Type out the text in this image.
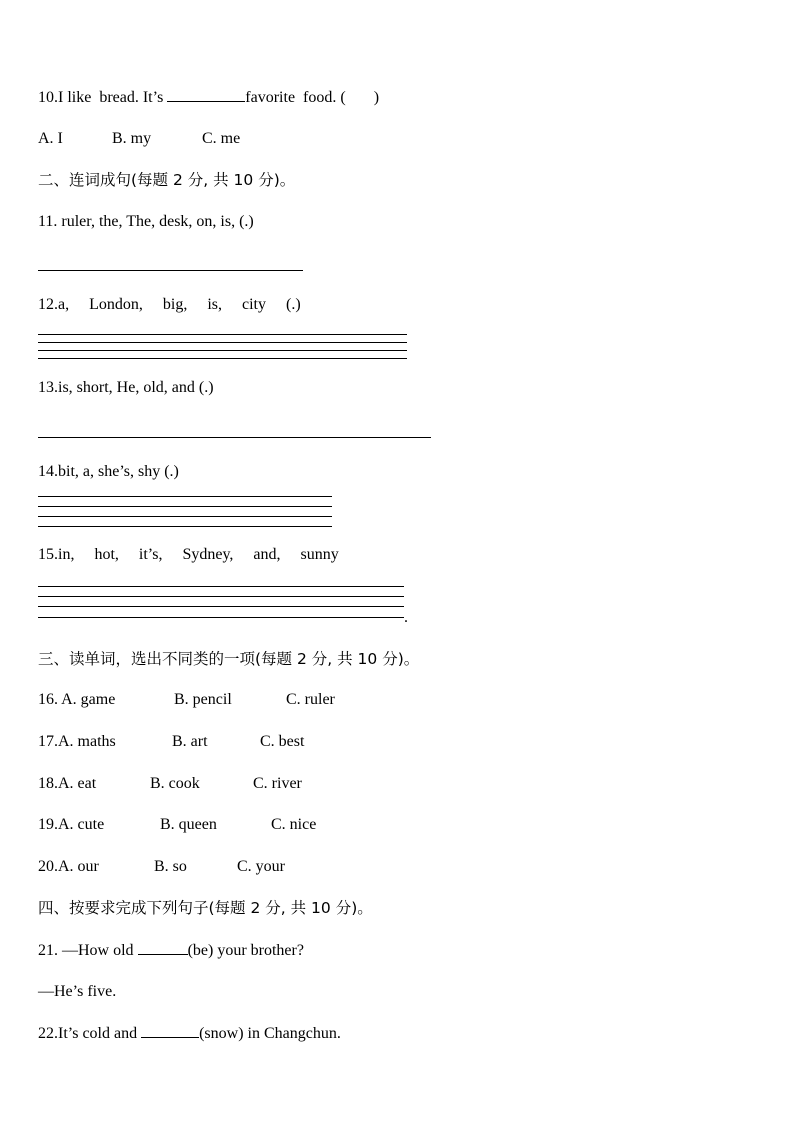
10.I like  bread. It’s	favorite  food. (       )
A. I	B. my	C. me
二、连词成句(每题 2 分, 共 10 分)。
11. ruler, the, The, desk, on, is, (.)
12.a,     London,     big,     is,     city     (.)
13.is, short, He, old, and (.)
14.bit, a, she’s, shy (.)
15.in,     hot,     it’s,     Sydney,     and,     sunny
.
三、读单词，选出不同类的一项(每题 2 分, 共 10 分)。
16. A. game	B. pencil	C. ruler
17.A. maths	B. art	C. best
18.A. eat	B. cook	C. river
19.A. cute	B. queen	C. nice
20.A. our	B. so	C. your
四、按要求完成下列句子(每题 2 分, 共 10 分)。
21. —How old	(be) your brother?
—He’s five.
22.It’s cold and	(snow) in Changchun.
